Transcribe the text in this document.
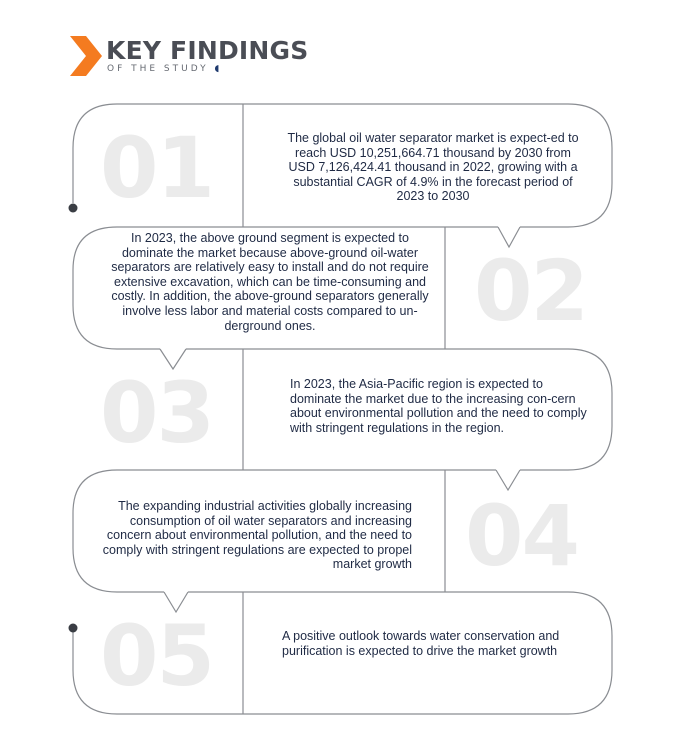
KEY FINDINGS
OF THE STUDY ◖
01	The global oil water separator market is expect-ed to reach USD 10,251,664.71 thousand by 2030 from USD 7,126,424.41 thousand in 2022, growing with a substantial CAGR of 4.9% in the forecast period of 2023 to 2030
02
In 2023, the above ground segment is expected to dominate the market because above-ground oil-water separators are relatively easy to install and do not require extensive excavation, which can be time-consuming and costly. In addition, the above-ground separators generally involve less labor and material costs compared to un-derground ones.
03	In 2023, the Asia-Pacific region is expected to dominate the market due to the increasing con-cern about environmental pollution and the need to comply with stringent regulations in the region.
04
The expanding industrial activities globally increasing consumption of oil water separators and increasing concern about environmental pollution, and the need to comply with stringent regulations are expected to propel market growth
05	A positive outlook towards water conservation and purification is expected to drive the market growth
